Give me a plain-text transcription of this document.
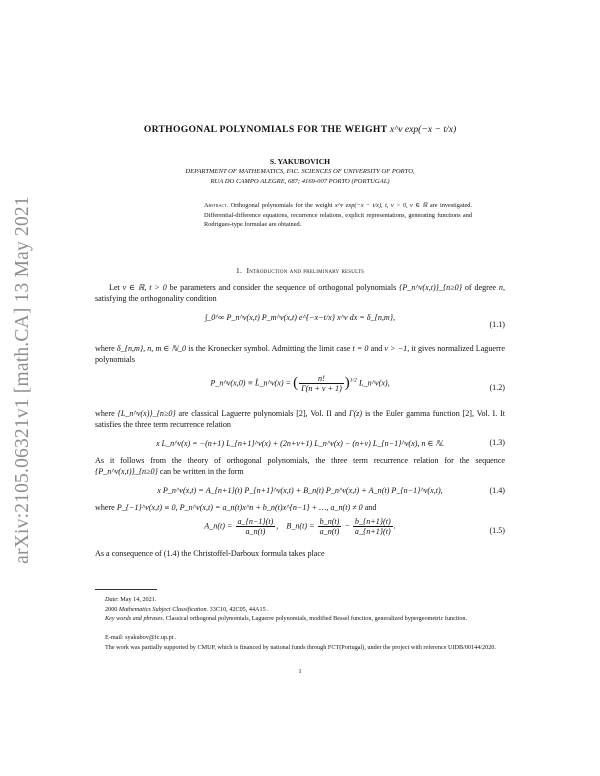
arXiv:2105.06321v1 [math.CA] 13 May 2021
ORTHOGONAL POLYNOMIALS FOR THE WEIGHT x^ν exp(−x − t/x)
S. YAKUBOVICH
DEPARTMENT OF MATHEMATICS, FAC. SCIENCES OF UNIVERSITY OF PORTO,
RUA DO CAMPO ALEGRE, 687; 4169-007 PORTO (PORTUGAL)
Abstract. Orthogonal polynomials for the weight x^ν exp(−x − t/x), t, ν > 0, ν ∈ ℝ are investigated. Differential-difference equations, recurrence relations, explicit representations, generating functions and Rodrigues-type formulae are obtained.
1. Introduction and preliminary results
Let ν ∈ ℝ, t > 0 be parameters and consider the sequence of orthogonal polynomials {P_n^ν(x,t)}_{n≥0} of degree n, satisfying the orthogonality condition
∫_0^∞ P_n^ν(x,t) P_m^ν(x,t) e^{−x−t/x} x^ν dx = δ_{n,m},
(1.1)
where δ_{n,m}, n, m ∈ ℕ_0 is the Kronecker symbol. Admitting the limit case t = 0 and ν > −1, it gives normalized Laguerre polynomials
P_n^ν(x,0) ≡ L̃_n^ν(x) = ( $\frac{n!}{\Gamma(n + \nu + 1)} )^{1/2}$ L_n^ν(x),
(1.2)
where {L_n^ν(x)}_{n≥0} are classical Laguerre polynomials [2], Vol. II and Γ(z) is the Euler gamma function [2], Vol. I. It satisfies the three term recurrence relation
x L_n^ν(x) = −(n+1) L_{n+1}^ν(x) + (2n+ν+1) L_n^ν(x) − (n+ν) L_{n−1}^ν(x), n ∈ ℕ.	(1.3)
As it follows from the theory of orthogonal polynomials, the three term recurrence relation for the sequence {P_n^ν(x,t)}_{n≥0} can be written in the form
x P_n^ν(x,t) = A_{n+1}(t) P_{n+1}^ν(x,t) + B_n(t) P_n^ν(x,t) + A_n(t) P_{n−1}^ν(x,t),	(1.4)
where P_{−1}^ν(x,t) ≡ 0, P_n^ν(x,t) = a_n(t)x^n + b_n(t)x^{n−1} + …, a_n(t) ≠ 0 and
A_n(t) = $\frac{a\_\{n-1\}(t)}{a\_n(t)}$ ,    B_n(t) = $\frac{b\_n(t)}{a\_n(t)} - \frac{b\_\{n+1\}(t)}{a\_\{n+1\}(t)}$ .
(1.5)
As a consequence of (1.4) the Christoffel-Darboux formula takes place
Date: May 14, 2021.
2000 Mathematics Subject Classification. 33C10, 42C05, 44A15 .
Key words and phrases. Classical orthogonal polynomials, Laguerre polynomials, modified Bessel function, generalized hypergeometric function.
E-mail: syakubov@fc.up.pt .
The work was partially supported by CMUP, which is financed by national funds through FCT(Portugal), under the project with reference UIDB/00144/2020.
1
